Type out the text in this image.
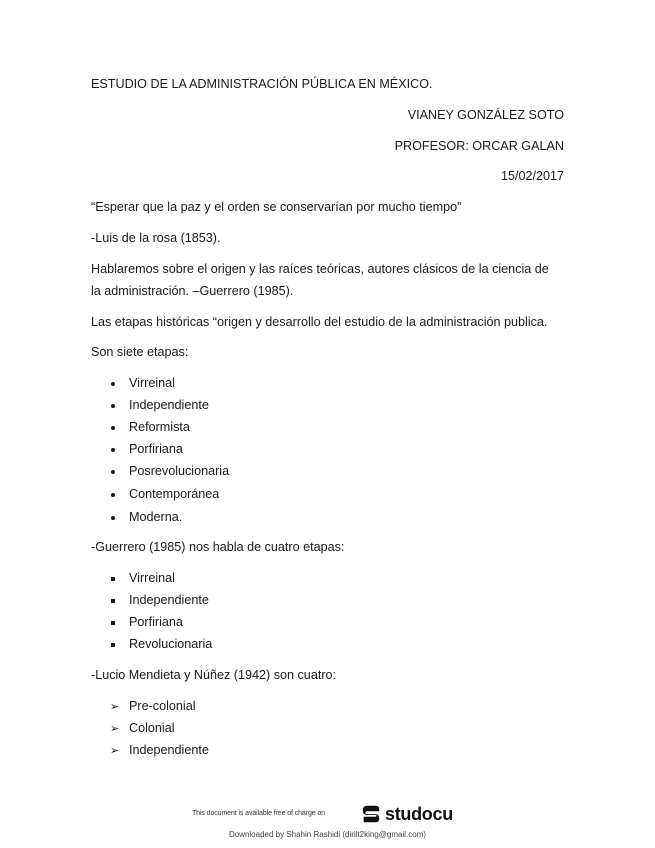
ESTUDIO DE LA ADMINISTRACIÓN PÚBLICA EN MÉXICO.
VIANEY GONZÁLEZ SOTO
PROFESOR: ORCAR GALAN
15/02/2017
“Esperar que la paz y el orden se conservarían por mucho tiempo”
-Luis de la rosa (1853).
Hablaremos sobre el origen y las raíces teóricas, autores clásicos de la ciencia de
la administración. –Guerrero (1985).
Las etapas históricas “origen y desarrollo del estudio de la administración publica.
Son siete etapas:
Virreinal
Independiente
Reformista
Porfiriana
Posrevolucionaria
Contemporánea
Moderna.
-Guerrero (1985) nos habla de cuatro etapas:
Virreinal
Independiente
Porfiriana
Revolucionaria
-Lucio Mendieta y Núñez (1942) son cuatro:
➢ Pre-colonial
➢ Colonial
➢ Independiente
This document is available free of charge on	studocu
Downloaded by Shahin Rashidi (dirilt2king@gmail.com)
